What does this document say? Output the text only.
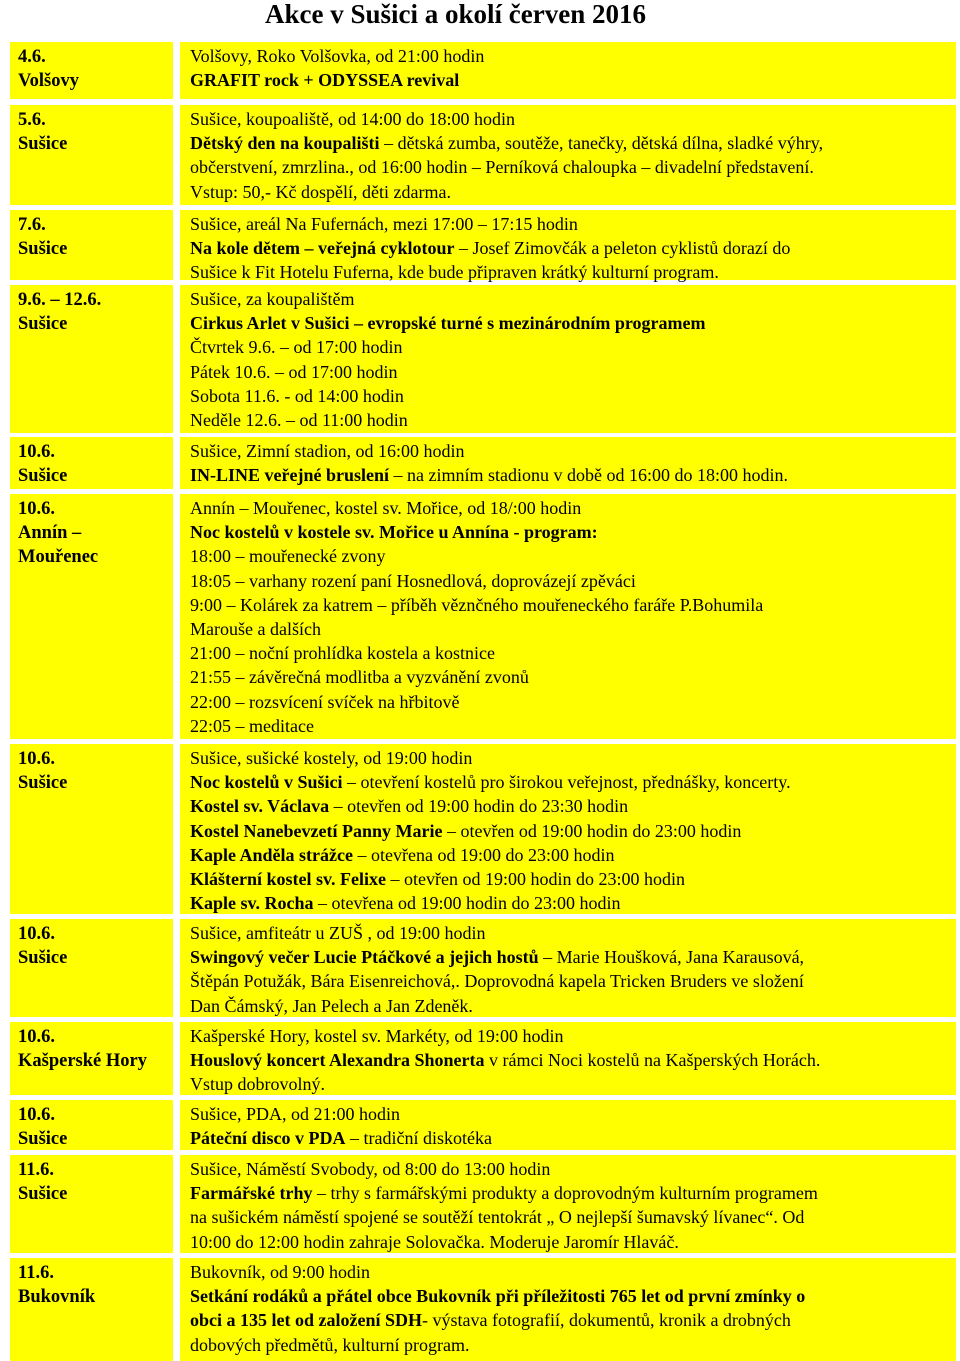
Akce v Sušici a okolí červen 2016
4.6.
Volšovy
Volšovy, Roko Volšovka, od 21:00 hodin
GRAFIT rock + ODYSSEA revival
5.6.
Sušice
Sušice, koupoaliště, od 14:00 do 18:00 hodin
Dětský den na koupališti – dětská zumba, soutěže, tanečky, dětská dílna, sladké výhry,
občerstvení, zmrzlina., od 16:00 hodin – Perníková chaloupka – divadelní představení.
Vstup: 50,- Kč dospělí, děti zdarma.
7.6.
Sušice
Sušice, areál Na Fufernách, mezi 17:00 – 17:15 hodin
Na kole dětem – veřejná cyklotour – Josef Zimovčák a peleton cyklistů dorazí do
Sušice k Fit Hotelu Fuferna, kde bude připraven krátký kulturní program.
9.6. – 12.6.
Sušice
Sušice, za koupalištěm
Cirkus Arlet v Sušici – evropské turné s mezinárodním programem
Čtvrtek 9.6. – od 17:00 hodin
Pátek 10.6. – od 17:00 hodin
Sobota 11.6. - od 14:00 hodin
Neděle 12.6. – od 11:00 hodin
10.6.
Sušice
Sušice, Zimní stadion, od 16:00 hodin
IN-LINE veřejné bruslení – na zimním stadionu v době od 16:00 do 18:00 hodin.
10.6.
Annín – Mouřenec
Annín – Mouřenec, kostel sv. Mořice, od 18/:00 hodin
Noc kostelů v kostele sv. Mořice u Annína - program:
18:00 – mouřenecké zvony
18:05 – varhany rození paní Hosnedlová, doprovázejí zpěváci
9:00 – Kolárek za katrem – příběh věznčného mouřeneckého faráře P.Bohumila
Marouše a dalších
21:00 – noční prohlídka kostela a kostnice
21:55 – závěrečná modlitba a vyzvánění zvonů
22:00 – rozsvícení svíček na hřbitově
22:05 – meditace
10.6.
Sušice
Sušice, sušické kostely, od 19:00 hodin
Noc kostelů v Sušici – otevření kostelů pro širokou veřejnost, přednášky, koncerty.
Kostel sv. Václava – otevřen od 19:00 hodin do 23:30 hodin
Kostel Nanebevzetí Panny Marie – otevřen od 19:00 hodin do 23:00 hodin
Kaple Anděla strážce – otevřena od 19:00 do 23:00 hodin
Klášterní kostel sv. Felixe – otevřen od 19:00 hodin do 23:00 hodin
Kaple sv. Rocha – otevřena od 19:00 hodin do 23:00 hodin
10.6.
Sušice
Sušice, amfiteátr u ZUŠ , od 19:00 hodin
Swingový večer Lucie Ptáčkové a jejich hostů – Marie Houšková, Jana Karausová,
Štěpán Potužák, Bára Eisenreichová,. Doprovodná kapela Tricken Bruders ve složení
Dan Čámský, Jan Pelech a Jan Zdeněk.
10.6.
Kašperské Hory
Kašperské Hory, kostel sv. Markéty, od 19:00 hodin
Houslový koncert Alexandra Shonerta v rámci Noci kostelů na Kašperských Horách.
Vstup dobrovolný.
10.6.
Sušice
Sušice, PDA, od 21:00 hodin
Páteční disco v PDA – tradiční diskotéka
11.6.
Sušice
Sušice, Náměstí Svobody, od 8:00 do 13:00 hodin
Farmářské trhy – trhy s farmářskými produkty a doprovodným kulturním programem
na sušickém náměstí spojené se soutěží tentokrát „ O nejlepší šumavský lívanec“. Od
10:00 do 12:00 hodin zahraje Solovačka. Moderuje Jaromír Hlaváč.
11.6.
Bukovník
Bukovník, od 9:00 hodin
Setkání rodáků a přátel obce Bukovník při příležitosti 765 let od první zmínky o
obci a 135 let od založení SDH- výstava fotografií, dokumentů, kronik a drobných
dobových předmětů, kulturní program.
